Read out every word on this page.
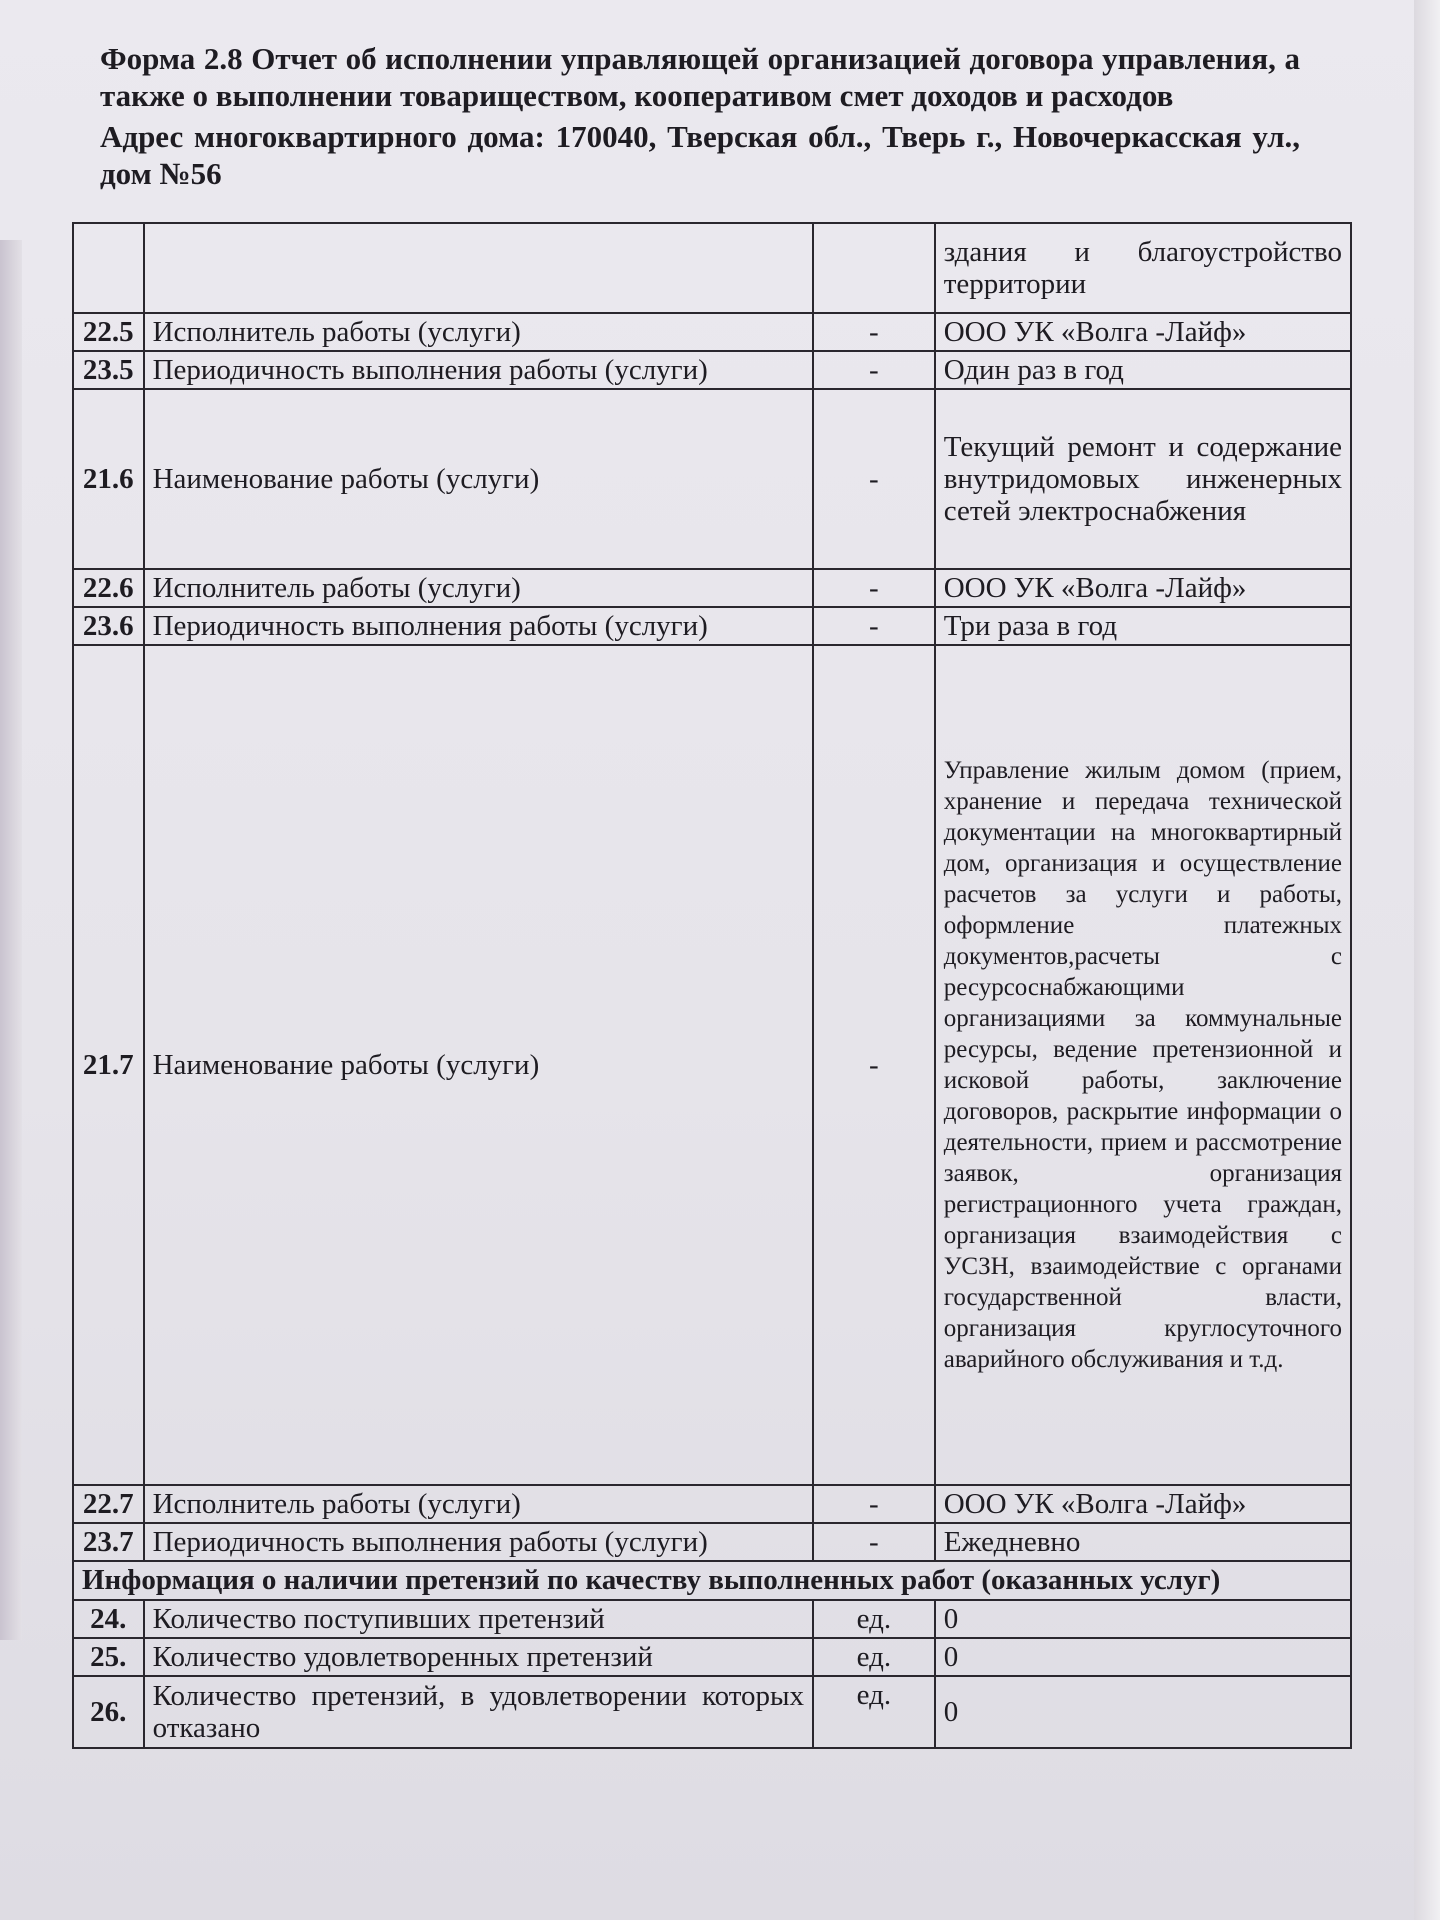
Форма 2.8 Отчет об исполнении управляющей организацией договора управления, а также о выполнении товариществом, кооперативом смет доходов и расходов

Адрес многоквартирного дома: 170040, Тверская обл., Тверь г., Новочеркасская ул., дом №56

			здания и благоустройство территории
22.5	Исполнитель работы (услуги)	-	ООО УК «Волга -Лайф»
23.5	Периодичность выполнения работы (услуги)	-	Один раз в год
21.6	Наименование работы (услуги)	-	Текущий ремонт и содержание внутридомовых инженерных сетей электроснабжения
22.6	Исполнитель работы (услуги)	-	ООО УК «Волга -Лайф»
23.6	Периодичность выполнения работы (услуги)	-	Три раза в год
21.7	Наименование работы (услуги)	-	Управление жилым домом (прием, хранение и передача технической документации на многоквартирный дом, организация и осуществление расчетов за услуги и работы, оформление платежных документов,расчеты с ресурсоснабжающими организациями за коммунальные ресурсы, ведение претензионной и исковой работы, заключение договоров, раскрытие информации о деятельности, прием и рассмотрение заявок, организация регистрационного учета граждан, организация взаимодействия с УСЗН, взаимодействие с органами государственной власти, организация круглосуточного аварийного обслуживания и т.д.
22.7	Исполнитель работы (услуги)	-	ООО УК «Волга -Лайф»
23.7	Периодичность выполнения работы (услуги)	-	Ежедневно
Информация о наличии претензий по качеству выполненных работ (оказанных услуг)			
24.	Количество поступивших претензий	ед.	0
25.	Количество удовлетворенных претензий	ед.	0
26.	Количество претензий, в удовлетворении которых отказано	ед.	0
